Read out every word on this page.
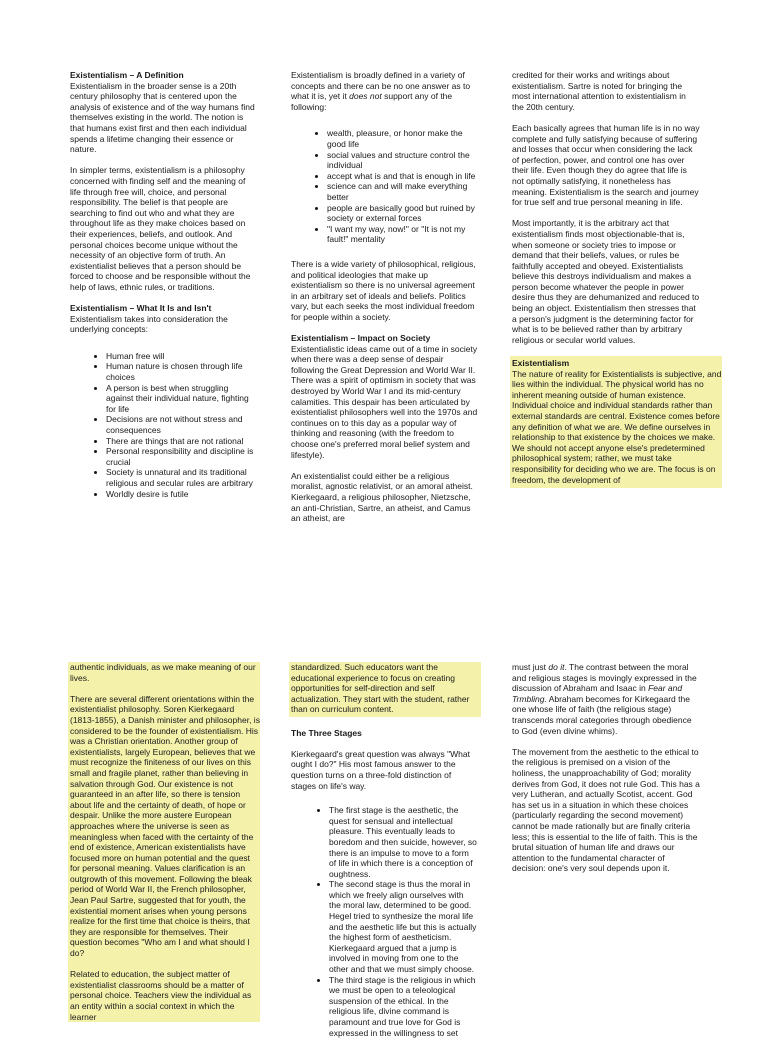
Existentialism – A Definition

Existentialism in the broader sense is a 20th century philosophy that is centered upon the analysis of existence and of the way humans find themselves existing in the world. The notion is that humans exist first and then each individual spends a lifetime changing their essence or nature.

In simpler terms, existentialism is a philosophy concerned with finding self and the meaning of life through free will, choice, and personal responsibility. The belief is that people are searching to find out who and what they are throughout life as they make choices based on their experiences, beliefs, and outlook. And personal choices become unique without the necessity of an objective form of truth. An existentialist believes that a person should be forced to choose and be responsible without the help of laws, ethnic rules, or traditions.

Existentialism – What It Is and Isn't

Existentialism takes into consideration the underlying concepts:

• Human free will
• Human nature is chosen through life choices
• A person is best when struggling against their individual nature, fighting for life
• Decisions are not without stress and consequences
• There are things that are not rational
• Personal responsibility and discipline is crucial
• Society is unnatural and its traditional religious and secular rules are arbitrary
• Worldly desire is futile

Existentialism is broadly defined in a variety of concepts and there can be no one answer as to what it is, yet it does not support any of the following:

• wealth, pleasure, or honor make the good life
• social values and structure control the individual
• accept what is and that is enough in life
• science can and will make everything better
• people are basically good but ruined by society or external forces
• "I want my way, now!" or "It is not my fault!" mentality

There is a wide variety of philosophical, religious, and political ideologies that make up existentialism so there is no universal agreement in an arbitrary set of ideals and beliefs. Politics vary, but each seeks the most individual freedom for people within a society.

Existentialism – Impact on Society

Existentialistic ideas came out of a time in society when there was a deep sense of despair following the Great Depression and World War II. There was a spirit of optimism in society that was destroyed by World War I and its mid-century calamities. This despair has been articulated by existentialist philosophers well into the 1970s and continues on to this day as a popular way of thinking and reasoning (with the freedom to choose one's preferred moral belief system and lifestyle).

An existentialist could either be a religious moralist, agnostic relativist, or an amoral atheist. Kierkegaard, a religious philosopher, Nietzsche, an anti-Christian, Sartre, an atheist, and Camus an atheist, are

credited for their works and writings about existentialism. Sartre is noted for bringing the most international attention to existentialism in the 20th century.

Each basically agrees that human life is in no way complete and fully satisfying because of suffering and losses that occur when considering the lack of perfection, power, and control one has over their life. Even though they do agree that life is not optimally satisfying, it nonetheless has meaning. Existentialism is the search and journey for true self and true personal meaning in life.

Most importantly, it is the arbitrary act that existentialism finds most objectionable-that is, when someone or society tries to impose or demand that their beliefs, values, or rules be faithfully accepted and obeyed. Existentialists believe this destroys individualism and makes a person become whatever the people in power desire thus they are dehumanized and reduced to being an object. Existentialism then stresses that a person's judgment is the determining factor for what is to be believed rather than by arbitrary religious or secular world values.

Existentialism

The nature of reality for Existentialists is subjective, and lies within the individual. The physical world has no inherent meaning outside of human existence. Individual choice and individual standards rather than external standards are central. Existence comes before any definition of what we are. We define ourselves in relationship to that existence by the choices we make. We should not accept anyone else's predetermined philosophical system; rather, we must take responsibility for deciding who we are. The focus is on freedom, the development of

authentic individuals, as we make meaning of our lives.

There are several different orientations within the existentialist philosophy. Soren Kierkegaard (1813-1855), a Danish minister and philosopher, is considered to be the founder of existentialism. His was a Christian orientation. Another group of existentialists, largely European, believes that we must recognize the finiteness of our lives on this small and fragile planet, rather than believing in salvation through God. Our existence is not guaranteed in an after life, so there is tension about life and the certainty of death, of hope or despair. Unlike the more austere European approaches where the universe is seen as meaningless when faced with the certainty of the end of existence, American existentialists have focused more on human potential and the quest for personal meaning. Values clarification is an outgrowth of this movement. Following the bleak period of World War II, the French philosopher, Jean Paul Sartre, suggested that for youth, the existential moment arises when young persons realize for the first time that choice is theirs, that they are responsible for themselves. Their question becomes "Who am I and what should I do?

Related to education, the subject matter of existentialist classrooms should be a matter of personal choice. Teachers view the individual as an entity within a social context in which the learner

standardized. Such educators want the educational experience to focus on creating opportunities for self-direction and self actualization. They start with the student, rather than on curriculum content.

The Three Stages

Kierkegaard's great question was always "What ought I do?" His most famous answer to the question turns on a three-fold distinction of stages on life's way.

• The first stage is the aesthetic, the quest for sensual and intellectual pleasure. This eventually leads to boredom and then suicide, however, so there is an impulse to move to a form of life in which there is a conception of oughtness.
• The second stage is thus the moral in which we freely align ourselves with the moral law, determined to be good. Hegel tried to synthesize the moral life and the aesthetic life but this is actually the highest form of aestheticism. Kierkegaard argued that a jump is involved in moving from one to the other and that we must simply choose.
• The third stage is the religious in which we must be open to a teleological suspension of the ethical. In the religious life, divine command is paramount and true love for God is expressed in the willingness to set

must just do it. The contrast between the moral and religious stages is movingly expressed in the discussion of Abraham and Isaac in Fear and Trmbling. Abraham becomes for Kirkegaard the one whose life of faith (the religious stage) transcends moral categories through obedience to God (even divine whims).

The movement from the aesthetic to the ethical to the religious is premised on a vision of the holiness, the unapproachability of God; morality derives from God, it does not rule God. This has a very Lutheran, and actually Scotist, accent. God has set us in a situation in which these choices (particularly regarding the second movement) cannot be made rationally but are finally criteria less; this is essential to the life of faith. This is the brutal situation of human life and draws our attention to the fundamental character of decision: one's very soul depends upon it.
